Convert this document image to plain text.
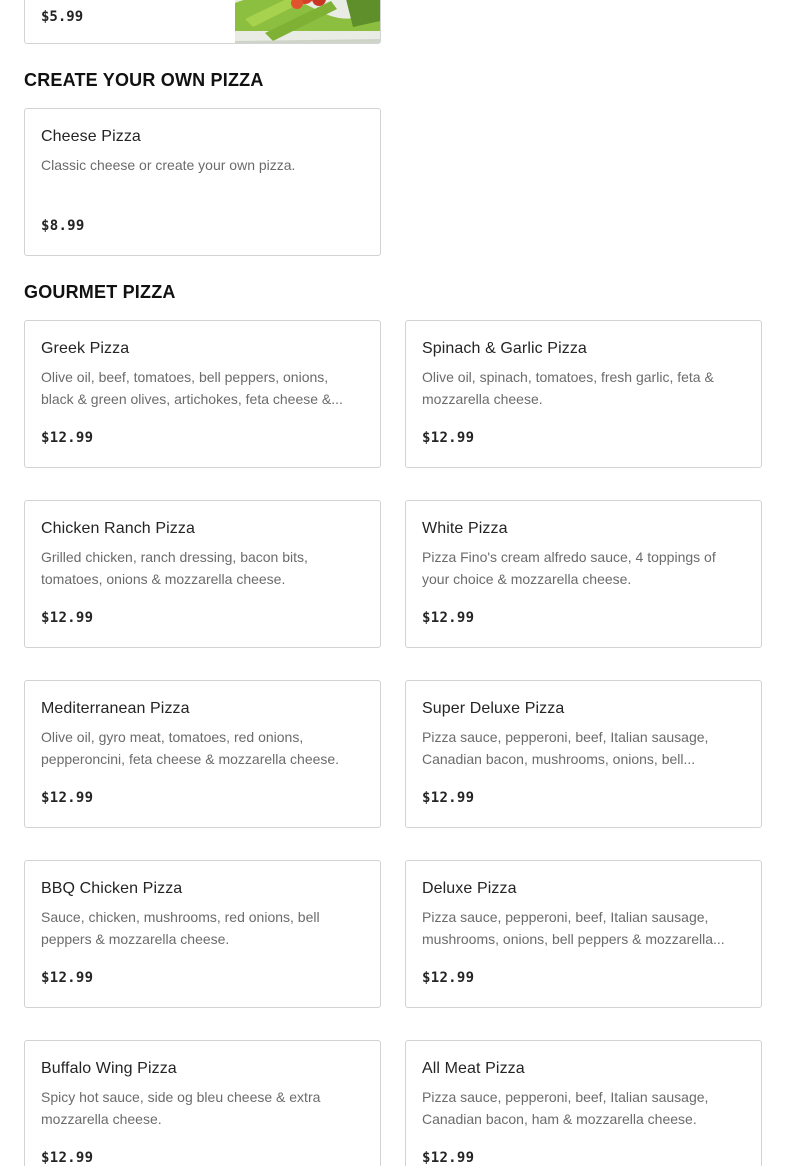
$5.99
CREATE YOUR OWN PIZZA
Cheese Pizza
Classic cheese or create your own pizza.
$8.99
GOURMET PIZZA
Greek Pizza
Olive oil, beef, tomatoes, bell peppers, onions, black & green olives, artichokes, feta cheese &...
$12.99
Spinach & Garlic Pizza
Olive oil, spinach, tomatoes, fresh garlic, feta & mozzarella cheese.
$12.99
Chicken Ranch Pizza
Grilled chicken, ranch dressing, bacon bits, tomatoes, onions & mozzarella cheese.
$12.99
White Pizza
Pizza Fino's cream alfredo sauce, 4 toppings of your choice & mozzarella cheese.
$12.99
Mediterranean Pizza
Olive oil, gyro meat, tomatoes, red onions, pepperoncini, feta cheese & mozzarella cheese.
$12.99
Super Deluxe Pizza
Pizza sauce, pepperoni, beef, Italian sausage, Canadian bacon, mushrooms, onions, bell...
$12.99
BBQ Chicken Pizza
Sauce, chicken, mushrooms, red onions, bell peppers & mozzarella cheese.
$12.99
Deluxe Pizza
Pizza sauce, pepperoni, beef, Italian sausage, mushrooms, onions, bell peppers & mozzarella...
$12.99
Buffalo Wing Pizza
Spicy hot sauce, side og bleu cheese & extra mozzarella cheese.
$12.99
All Meat Pizza
Pizza sauce, pepperoni, beef, Italian sausage, Canadian bacon, ham & mozzarella cheese.
$12.99
